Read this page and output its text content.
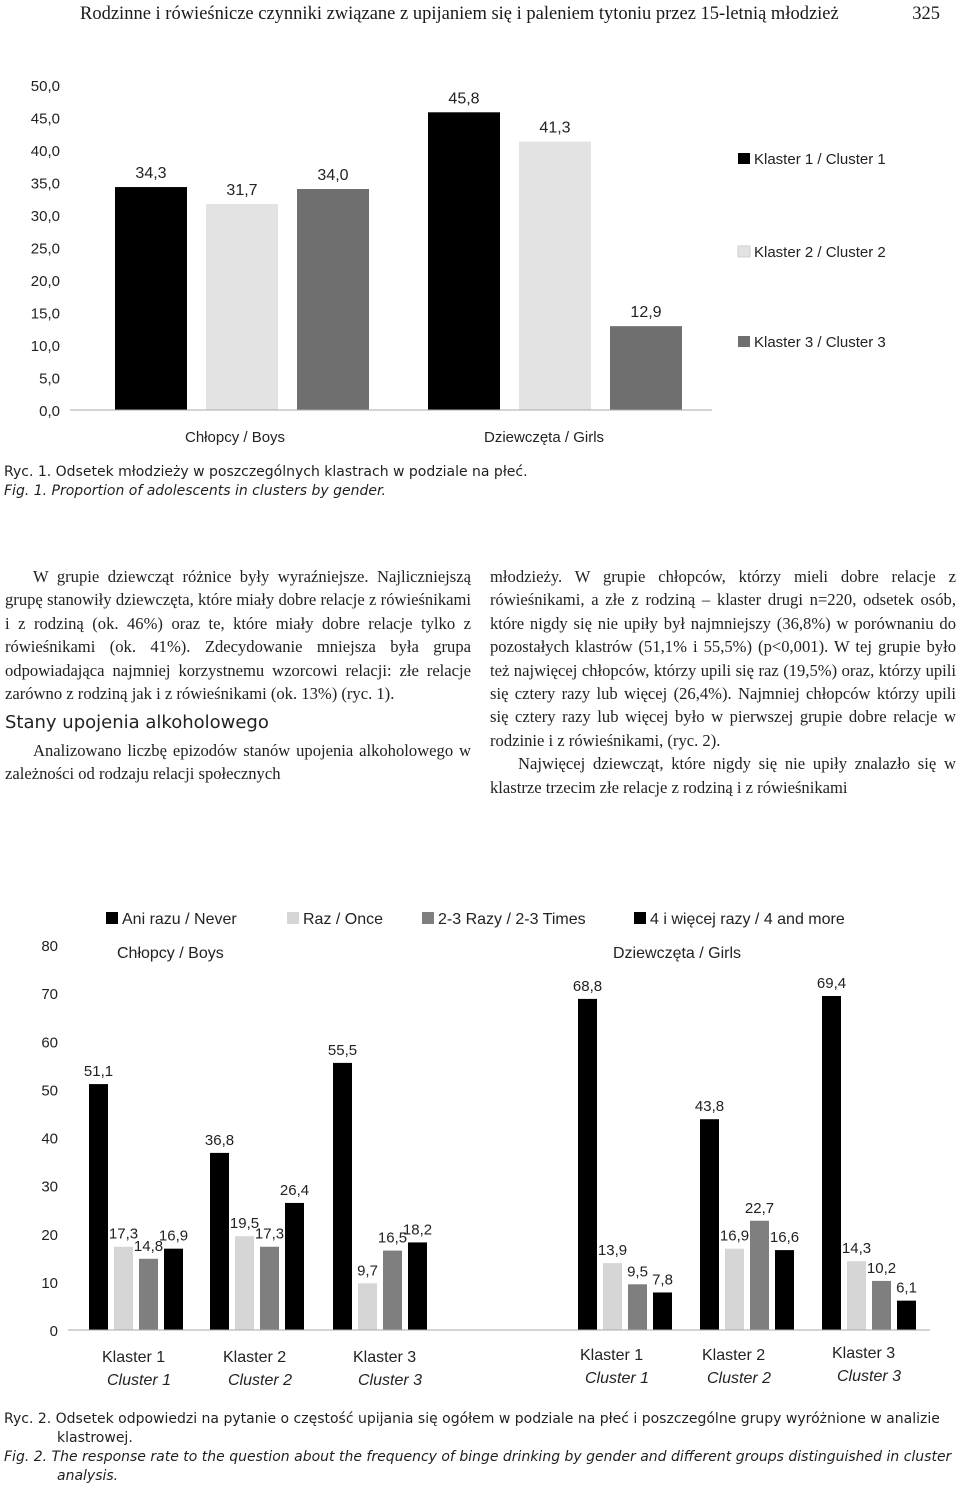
Rodzinne i rówieśnicze czynniki związane z upijaniem się i paleniem tytoniu przez 15-letnią młodzież	325
0,0
5,0
10,0
15,0
20,0
25,0
30,0
35,0
40,0
45,0
50,0
34,3
45,8
31,7
41,3
34,0
12,9
Chłopcy / Boys	Dziewczęta / Girls
Klaster 1 / Cluster 1
Klaster 2 / Cluster 2
Klaster 3 / Cluster 3
Ryc. 1. Odsetek młodzieży w poszczególnych klastrach w podziale na płeć.
Fig. 1. Proportion of adolescents in clusters by gender.

W grupie dziewcząt różnice były wyraźniejsze. Najliczniejszą grupę stanowiły dziewczęta, które miały dobre relacje z rówieśnikami i z rodziną (ok. 46%) oraz te, które miały dobre relacje tylko z rówieśnikami (ok. 41%). Zdecydowanie mniejsza była grupa odpowiadająca najmniej korzystnemu wzorcowi relacji: złe relacje zarówno z rodziną jak i z rówieśnikami (ok. 13%) (ryc. 1).

Stany upojenia alkoholowego

Analizowano liczbę epizodów stanów upojenia alkoholowego w zależności od rodzaju relacji społecznych

młodzieży. W grupie chłopców, którzy mieli dobre relacje z rówieśnikami, a złe z rodziną – klaster drugi n=220, odsetek osób, które nigdy się nie upiły był najmniejszy (36,8%) w porównaniu do pozostałych klastrów (51,1% i 55,5%) (p<0,001). W tej grupie było też najwięcej chłopców, którzy upili się raz (19,5%) oraz, którzy upili się cztery razy lub więcej (26,4%). Najmniej chłopców którzy upili się cztery razy lub więcej było w pierwszej grupie dobre relacje w rodzinie i z rówieśnikami, (ryc. 2).

Najwięcej dziewcząt, które nigdy się nie upiły znalazło się w klastrze trzecim złe relacje z rodziną i z rówieśnikami

Ani razu / Never	Raz / Once	2-3 Razy / 2-3 Times	4 i więcej razy / 4 and more
Chłopcy / Boys	Dziewczęta / Girls
0
10
20
30
40
50
60
70
80
51,1
36,8
55,5
68,8
43,8
69,4
17,3
19,5
9,7
13,9
16,9
14,3
14,8
17,3	16,5
9,5
22,7
10,2
16,9
26,4
18,2
7,8
16,6
6,1
Klaster 1
Cluster 1
Klaster 2
Cluster 2
Klaster 3
Cluster 3
Klaster 1
Cluster 1
Klaster 2
Cluster 2
Klaster 3
Cluster 3
Ryc. 2. Odsetek odpowiedzi na pytanie o częstość upijania się ogółem w podziale na płeć i poszczególne grupy wyróżnione w analizie klastrowej.
Fig. 2. The response rate to the question about the frequency of binge drinking by gender and different groups distinguished in cluster analysis.
